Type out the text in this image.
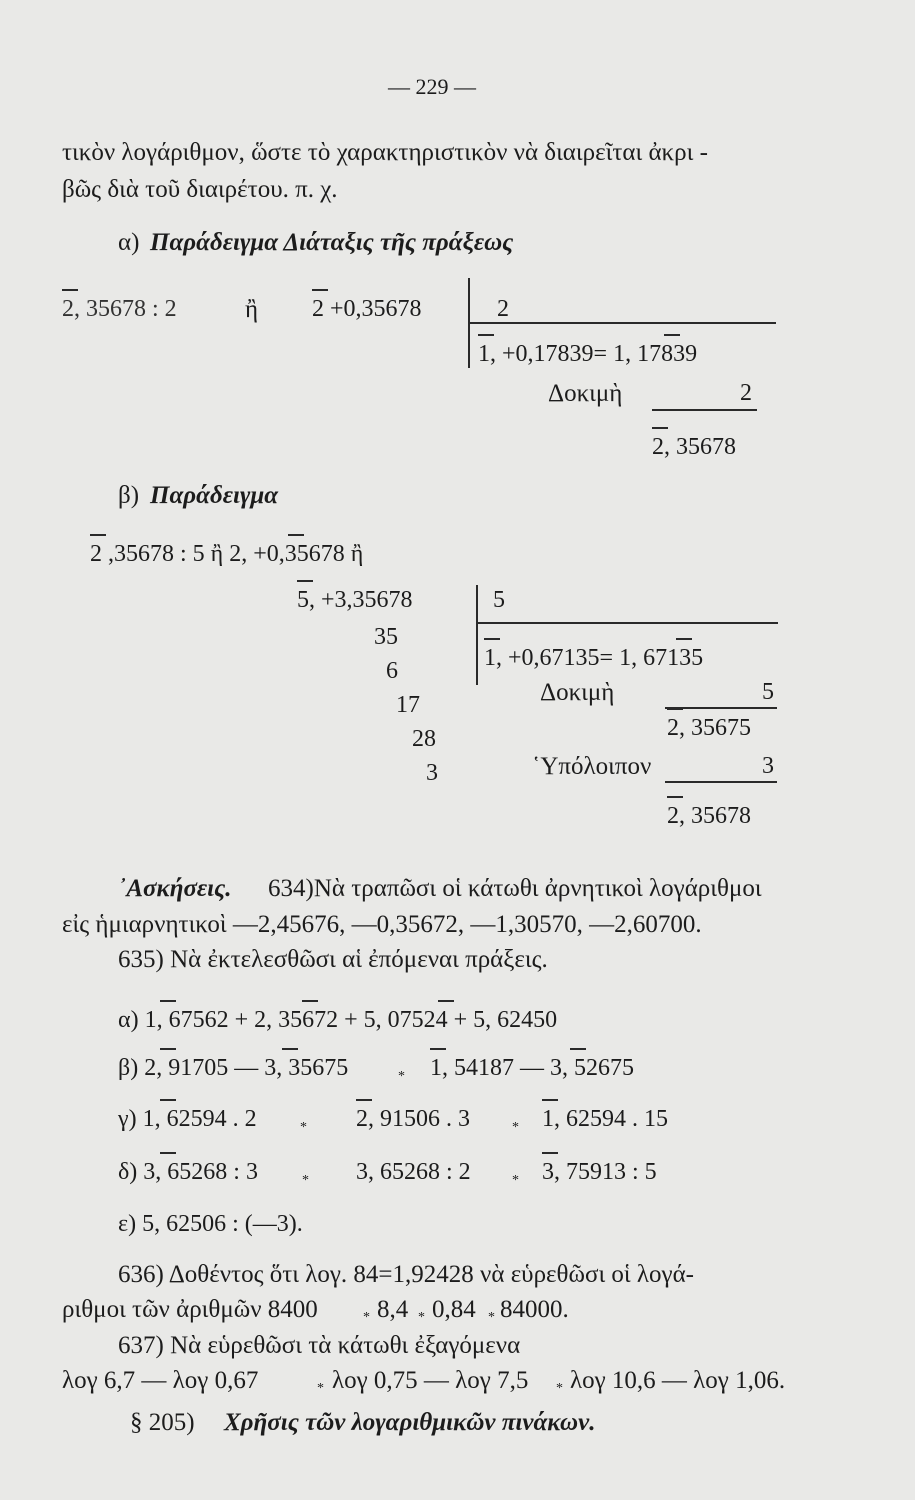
— 229 —
τικὸν λογάριθμον, ὥστε τὸ χαρακτηριστικὸν νὰ διαιρεῖται ἀκρι -
βῶς διὰ τοῦ διαιρέτου. π. χ.
α) Παράδειγμα Διάταξις τῆς πράξεως
2, 35678 : 2	ἢ 2 +0,35678	2
1, +0,17839= 1, 17839
Δοκιμὴ	2
2, 35678
β) Παράδειγμα
2 ,35678 : 5 ἢ 2, +0,35678 ἢ
5, +3,35678	5
35
6
17
28
3
1, +0,67135= 1, 67135
Δοκιμὴ	5
2, 35675
῾Υπόλοιπον	3
2, 35678
᾿Ασκήσεις. 634)Νὰ τραπῶσι οἱ κάτωθι ἀρνητικοὶ λογάριθμοι
εἰς ἡμιαρνητικοὶ —2,45676, —0,35672, —1,30570, —2,60700.
635) Νὰ ἐκτελεσθῶσι αἱ ἐπόμεναι πράξεις.
α) 1, 67562 + 2, 35672 + 5, 07524 + 5, 62450
β) 2, 91705 — 3, 35675	* 1, 54187 — 3, 52675
γ) 1, 62594 . 2	* 2, 91506 . 3	* 1, 62594 . 15
δ) 3, 65268 : 3	* 3, 65268 : 2	* 3, 75913 : 5
ε) 5, 62506 : (—3).
636) Δοθέντος ὅτι λογ. 84=1,92428 νὰ εὑρεθῶσι οἱ λογά-
ριθμοι τῶν ἀριθμῶν 8400	* 8,4 * 0,84 * 84000.
637) Νὰ εὑρεθῶσι τὰ κάτωθι ἐξαγόμενα
λογ 6,7 — λογ 0,67	* λογ 0,75 — λογ 7,5 * λογ 10,6 — λογ 1,06.
§ 205) Χρῆσις τῶν λογαριθμικῶν πινάκων.
